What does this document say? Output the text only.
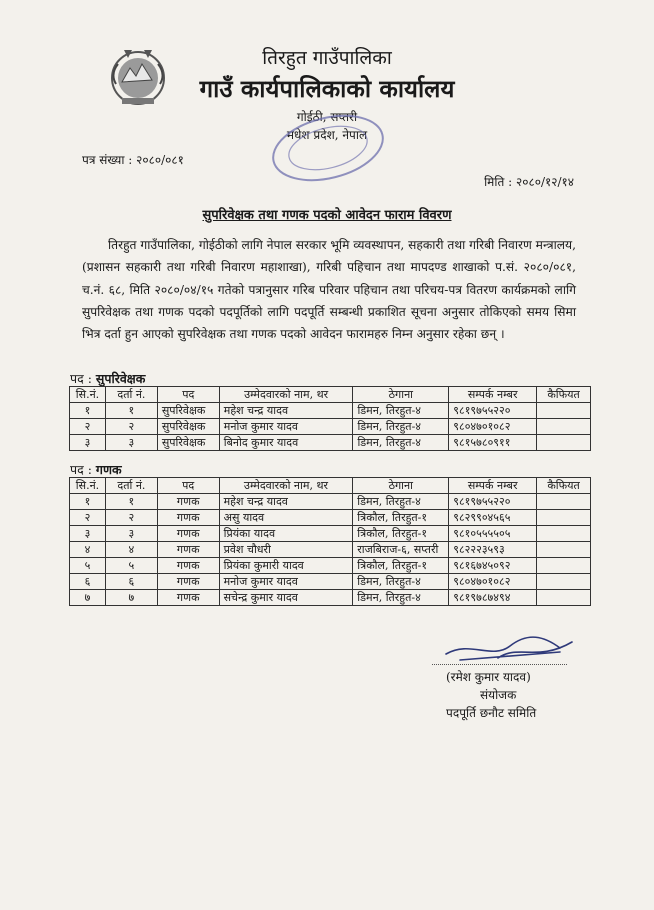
तिरहुत गाउँपालिका
गाउँ कार्यपालिकाको कार्यालय
गोईठी, सप्तरी
मधेश प्रदेश, नेपाल
पत्र संख्या : २०८०/०८१
मिति : २०८०/१२/१४
सुपरिवेक्षक तथा गणक पदको आवेदन फाराम विवरण

तिरहुत गाउँपालिका, गोईठीको लागि नेपाल सरकार भूमि व्यवस्थापन, सहकारी तथा गरिबी निवारण मन्त्रालय, (प्रशासन सहकारी तथा गरिबी निवारण महाशाखा), गरिबी पहिचान तथा मापदण्ड शाखाको प.सं. २०८०/०८१, च.नं. ६८, मिति २०८०/०४/१५ गतेको पत्रानुसार गरिब परिवार पहिचान तथा परिचय-पत्र वितरण कार्यक्रमको लागि सुपरिवेक्षक तथा गणक पदको पदपूर्तिको लागि पदपूर्ति सम्बन्धी प्रकाशित सूचना अनुसार तोकिएको समय सिमा भित्र दर्ता हुन आएको सुपरिवेक्षक तथा गणक पदको आवेदन फारामहरु निम्न अनुसार रहेका छन् ।

पद : सुपरिवेक्षक
सि.नं.	दर्ता नं.	पद	उम्मेदवारको नाम, थर	ठेगाना	सम्पर्क नम्बर	कैफियत
१	१	सुपरिवेक्षक	महेश चन्द्र यादव	डिमन, तिरहुत-४	९८१९७५५२२०	
२	२	सुपरिवेक्षक	मनोज कुमार यादव	डिमन, तिरहुत-४	९८०४७०१०८२	
३	३	सुपरिवेक्षक	बिनोद कुमार यादव	डिमन, तिरहुत-४	९८१५७८०९११	
पद : गणक
सि.नं.	दर्ता नं.	पद	उम्मेदवारको नाम, थर	ठेगाना	सम्पर्क नम्बर	कैफियत
१	१	गणक	महेश चन्द्र यादव	डिमन, तिरहुत-४	९८१९७५५२२०	
२	२	गणक	असु यादव	त्रिकौल, तिरहुत-१	९८२९९०४५६५	
३	३	गणक	प्रियंका यादव	त्रिकौल, तिरहुत-१	९८१०५५५५०५	
४	४	गणक	प्रवेश चौधरी	राजबिराज-६, सप्तरी	९८२२२३५९३	
५	५	गणक	प्रियंका कुमारी यादव	त्रिकौल, तिरहुत-१	९८१६७४५०९२	
६	६	गणक	मनोज कुमार यादव	डिमन, तिरहुत-४	९८०४७०१०८२	
७	७	गणक	सचेन्द्र कुमार यादव	डिमन, तिरहुत-४	९८१९७८७४९४	
(रमेश कुमार यादव)
संयोजक
पदपूर्ति छनौट समिति
